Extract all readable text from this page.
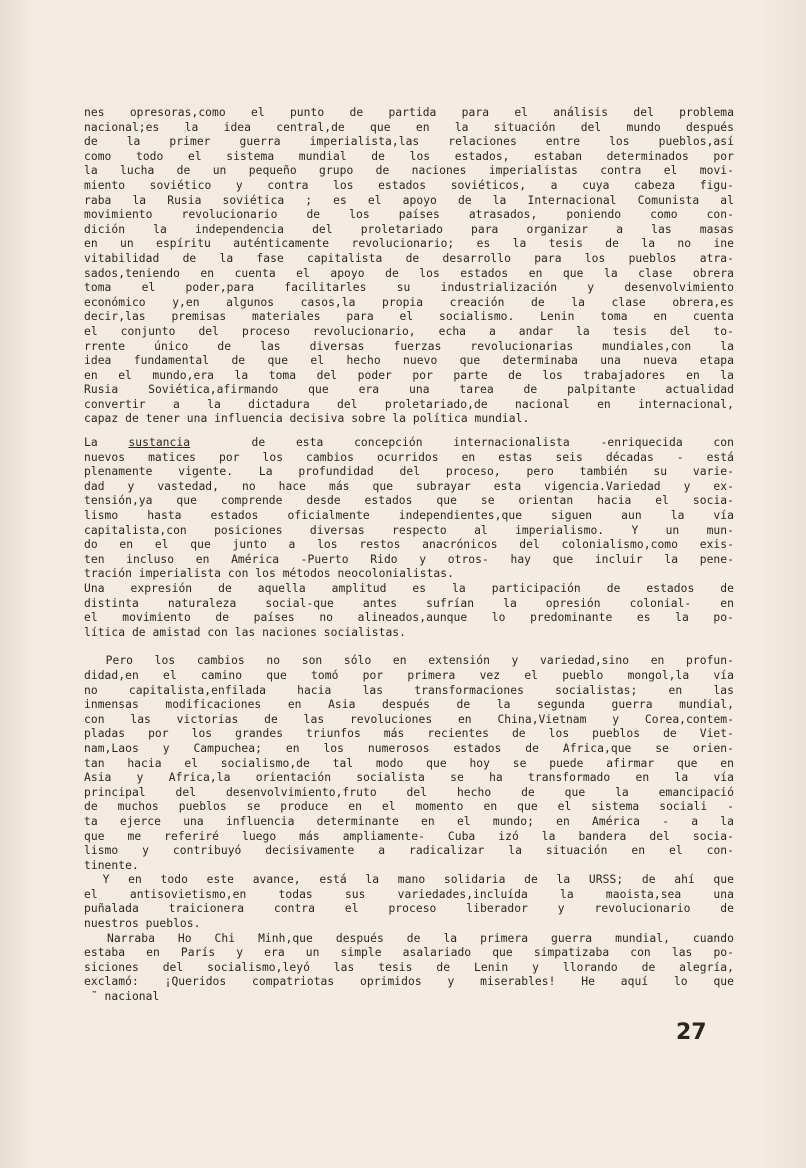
nes opresoras,como el punto de partida para el análisis del problema
nacional;es la idea central,de que en la situación del mundo después
de la primer guerra imperialista,las relaciones entre los pueblos,así
como todo el sistema mundial de los estados, estaban determinados por
la lucha de un pequeño grupo de naciones imperialistas contra el movi-
miento soviético y contra los estados soviéticos, a cuya cabeza figu-
raba la Rusia soviética ; es el apoyo de la Internacional Comunista al
movimiento revolucionario de los países atrasados, poniendo como con-
dición la independencia del proletariado para organizar a las masas
en un espíritu auténticamente revolucionario; es la tesis de la no ine
vitabilidad de la fase capitalista de desarrollo para los pueblos atra-
sados,teniendo en cuenta el apoyo de los estados en que la clase obrera
toma el poder,para facilitarles su industrialización y desenvolvimiento
económico y,en algunos casos,la propia creación de la clase obrera,es
decir,las premisas materiales para el socialismo. Lenin toma en cuenta
el conjunto del proceso revolucionario, echa a andar la tesis del to-
rrente único de las diversas fuerzas revolucionarias mundiales,con la
idea fundamental de que el hecho nuevo que determinaba una nueva etapa
en el mundo,era la toma del poder por parte de los trabajadores en la
Rusia Soviética,afirmando que era una tarea de palpitante actualidad
convertir a la dictadura del proletariado,de nacional en internacional,
capaz de tener una influencia decisiva sobre la política mundial.
La sustancia  de esta concepción internacionalista -enriquecida con
nuevos matices por los cambios ocurridos en estas seis décadas - está
plenamente vigente. La profundidad del proceso, pero también su varie-
dad y vastedad, no hace más que subrayar esta vigencia.Variedad y ex-
tensión,ya que comprende desde estados que se orientan hacia el socia-
lismo hasta estados oficialmente independientes,que siguen aun la vía
capitalista,con posiciones diversas respecto al imperialismo. Y un mun-
do en el que junto a los restos anacrónicos del colonialismo,como exis-
ten incluso en América -Puerto Rido y otros- hay que incluir la pene-
tración imperialista con los métodos neocolonialistas.
Una expresión de aquella amplitud es la participación de estados de
distinta naturaleza social-que antes sufrían la opresión colonial- en
el movimiento de países no alineados,aunque lo predominante es la po-
lítica de amistad con las naciones socialistas.
Pero los cambios no son sólo en extensión y variedad,sino en profun-
didad,en el camino que tomó por primera vez el pueblo mongol,la vía
no capitalista,enfilada hacia las transformaciones socialistas; en las
inmensas modificaciones en Asia después de la segunda guerra mundial,
con las victorias de las revoluciones en China,Vietnam y Corea,contem-
pladas por los grandes triunfos más recientes de los pueblos de Viet-
nam,Laos y Campuchea; en los numerosos estados de Africa,que se orien-
tan hacia el socialismo,de tal modo que hoy se puede afirmar que en
Asia y Africa,la orientación socialista se ha transformado en la vía
principal del desenvolvimiento,fruto del hecho de que la emancipació
de muchos pueblos se produce en el momento en que el sistema sociali -
ta ejerce una influencia determinante en el mundo; en América - a la
que me referiré luego más ampliamente- Cuba izó la bandera del socia-
lismo y contribuyó decisivamente a radicalizar la situación en el con-
tinente.
Y en todo este avance, está la mano solidaria de la URSS; de ahí que
el antisovietismo,en todas sus variedades,incluída la maoista,sea una
puñalada traicionera contra el proceso liberador y revolucionario de
nuestros pueblos.
Narraba Ho Chi Minh,que después de la primera guerra mundial, cuando
estaba en París y era un simple asalariado que simpatizaba con las po-
siciones del socialismo,leyó las tesis de Lenin y llorando de alegría,
exclamó: ¡Queridos compatriotas oprimidos y miserables! He aquí lo que
˜ nacional
27
